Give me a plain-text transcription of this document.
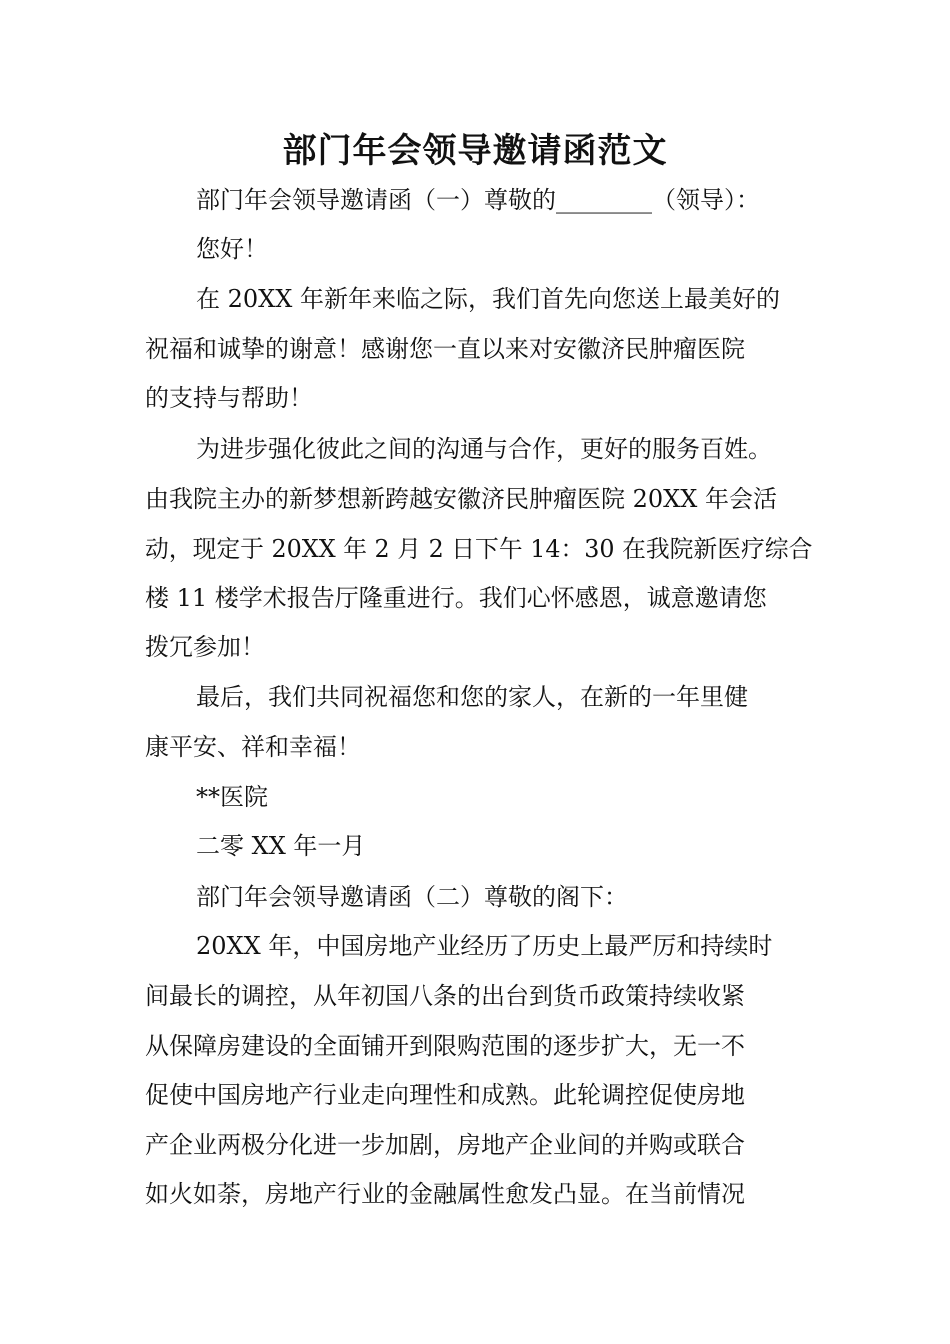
部门年会领导邀请函范文
部门年会领导邀请函（一）尊敬的________（领导）：
您好！
在 20XX 年新年来临之际，我们首先向您送上最美好的
祝福和诚挚的谢意！感谢您一直以来对安徽济民肿瘤医院
的支持与帮助！
为进步强化彼此之间的沟通与合作，更好的服务百姓。
由我院主办的新梦想新跨越安徽济民肿瘤医院 20XX 年会活
动，现定于 20XX 年 2 月 2 日下午 14：30 在我院新医疗综合
楼 11 楼学术报告厅隆重进行。我们心怀感恩，诚意邀请您
拨冗参加！
最后，我们共同祝福您和您的家人，在新的一年里健
康平安、祥和幸福！
**医院
二零 XX 年一月
部门年会领导邀请函（二）尊敬的阁下：
20XX 年，中国房地产业经历了历史上最严厉和持续时
间最长的调控，从年初国八条的出台到货币政策持续收紧
从保障房建设的全面铺开到限购范围的逐步扩大，无一不
促使中国房地产行业走向理性和成熟。此轮调控促使房地
产企业两极分化进一步加剧，房地产企业间的并购或联合
如火如荼，房地产行业的金融属性愈发凸显。在当前情况
